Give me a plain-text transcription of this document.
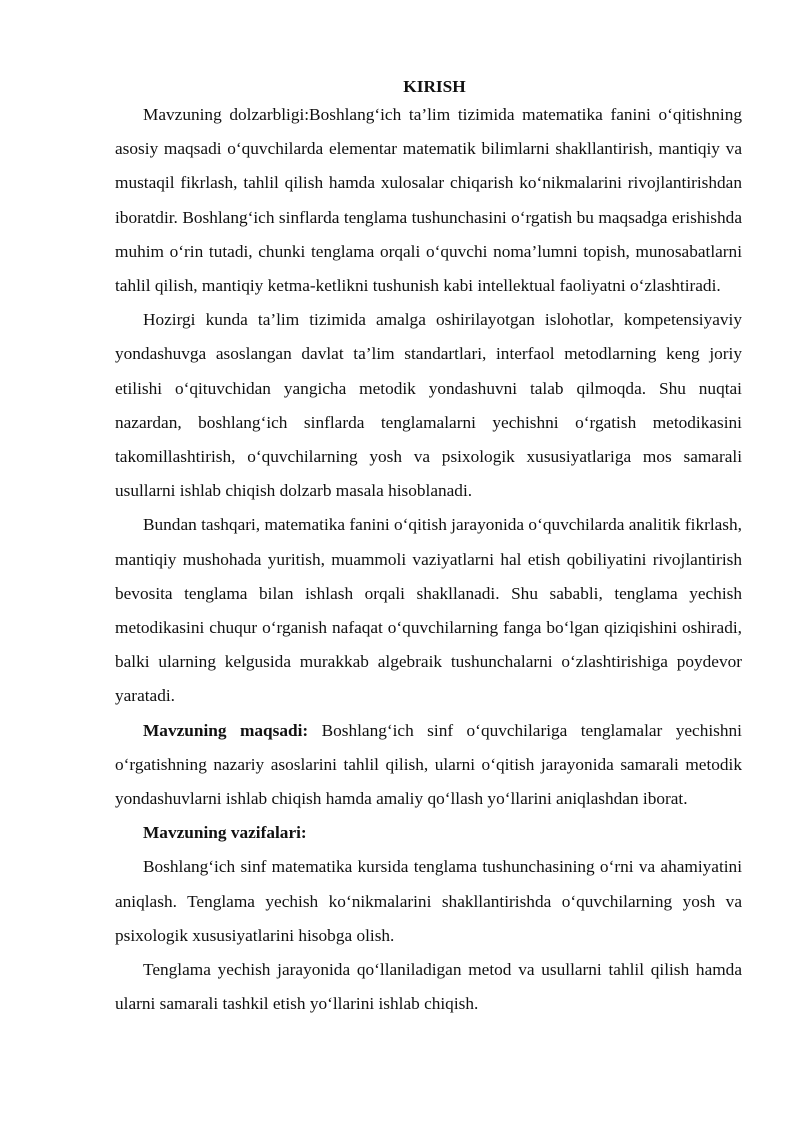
KIRISH

Mavzuning dolzarbligi:Boshlang‘ich ta’lim tizimida matematika fanini o‘qitishning asosiy maqsadi o‘quvchilarda elementar matematik bilimlarni shakllantirish, mantiqiy va mustaqil fikrlash, tahlil qilish hamda xulosalar chiqarish ko‘nikmalarini rivojlantirishdan iboratdir. Boshlang‘ich sinflarda tenglama tushunchasini o‘rgatish bu maqsadga erishishda muhim o‘rin tutadi, chunki tenglama orqali o‘quvchi noma’lumni topish, munosabatlarni tahlil qilish, mantiqiy ketma-ketlikni tushunish kabi intellektual faoliyatni o‘zlashtiradi.

Hozirgi kunda ta’lim tizimida amalga oshirilayotgan islohotlar, kompetensiyaviy yondashuvga asoslangan davlat ta’lim standartlari, interfaol metodlarning keng joriy etilishi o‘qituvchidan yangicha metodik yondashuvni talab qilmoqda. Shu nuqtai nazardan, boshlang‘ich sinflarda tenglamalarni yechishni o‘rgatish metodikasini takomillashtirish, o‘quvchilarning yosh va psixologik xususiyatlariga mos samarali usullarni ishlab chiqish dolzarb masala hisoblanadi.

Bundan tashqari, matematika fanini o‘qitish jarayonida o‘quvchilarda analitik fikrlash, mantiqiy mushohada yuritish, muammoli vaziyatlarni hal etish qobiliyatini rivojlantirish bevosita tenglama bilan ishlash orqali shakllanadi. Shu sababli, tenglama yechish metodikasini chuqur o‘rganish nafaqat o‘quvchilarning fanga bo‘lgan qiziqishini oshiradi, balki ularning kelgusida murakkab algebraik tushunchalarni o‘zlashtirishiga poydevor yaratadi.

Mavzuning maqsadi: Boshlang‘ich sinf o‘quvchilariga tenglamalar yechishni o‘rgatishning nazariy asoslarini tahlil qilish, ularni o‘qitish jarayonida samarali metodik yondashuvlarni ishlab chiqish hamda amaliy qo‘llash yo‘llarini aniqlashdan iborat.

Mavzuning vazifalari:

Boshlang‘ich sinf matematika kursida tenglama tushunchasining o‘rni va ahamiyatini aniqlash. Tenglama yechish ko‘nikmalarini shakllantirishda o‘quvchilarning yosh va psixologik xususiyatlarini hisobga olish.

Tenglama yechish jarayonida qo‘llaniladigan metod va usullarni tahlil qilish hamda ularni samarali tashkil etish yo‘llarini ishlab chiqish.
